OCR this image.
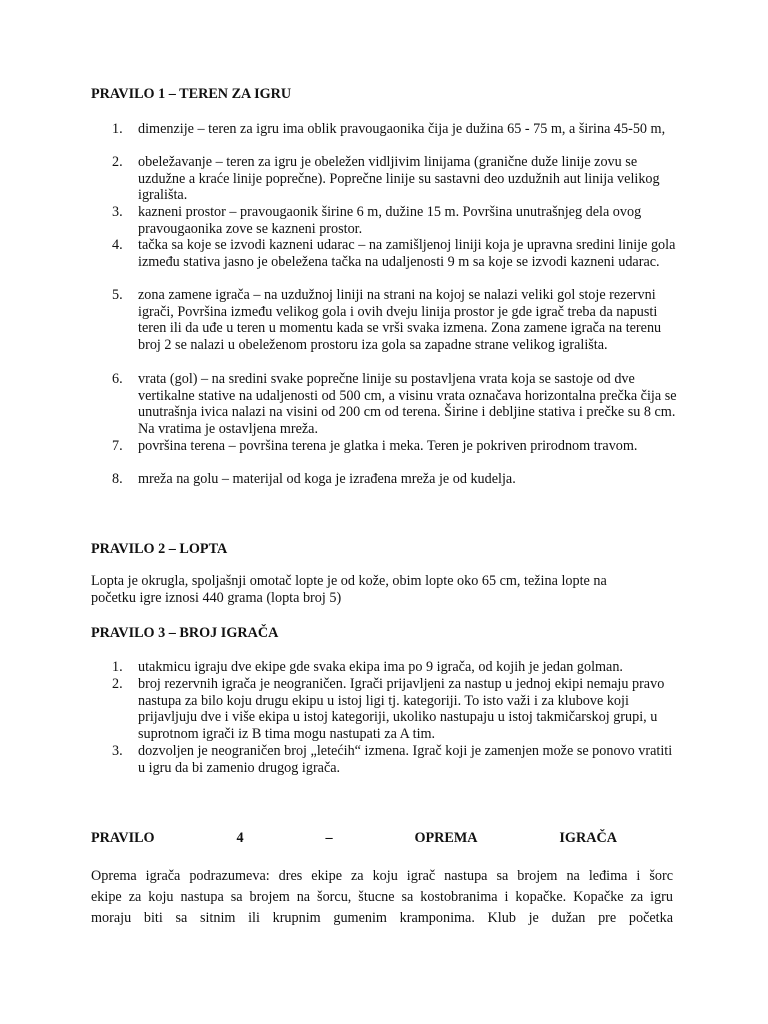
PRAVILO 1 – TEREN ZA IGRU
1. dimenzije – teren za igru ima oblik pravougaonika čija je dužina 65 - 75 m, a širina 45-50 m,
2. obeležavanje – teren za igru je obeležen vidljivim linijama (granične duže linije zovu se uzdužne a kraće linije poprečne). Poprečne linije su sastavni deo uzdužnih aut linija velikog igrališta.
3. kazneni prostor – pravougaonik širine 6 m, dužine 15 m. Površina unutrašnjeg dela ovog pravougaonika zove se kazneni prostor.
4. tačka sa koje se izvodi kazneni udarac – na zamišljenoj liniji koja je upravna sredini linije gola između stativa jasno je obeležena tačka na udaljenosti 9 m sa koje se izvodi kazneni udarac.
5. zona zamene igrača – na uzdužnoj liniji na strani na kojoj se nalazi veliki gol stoje rezervni igrači, Površina između velikog gola i ovih dveju linija prostor je gde igrač treba da napusti teren ili da uđe u teren u momentu kada se vrši svaka izmena. Zona zamene igrača na terenu broj 2 se nalazi u obeleženom prostoru iza gola sa zapadne strane velikog igrališta.
6. vrata (gol) – na sredini svake poprečne linije su postavljena vrata koja se sastoje od dve vertikalne stative na udaljenosti od 500 cm, a visinu vrata označava horizontalna prečka čija se unutrašnja ivica nalazi na visini od 200 cm od terena. Širine i debljine stativa i prečke su 8 cm. Na vratima je ostavljena mreža.
7. površina terena – površina terena je glatka i meka. Teren je pokriven prirodnom travom.
8. mreža na golu – materijal od koga je izrađena mreža je od kudelja.
PRAVILO 2 – LOPTA

Lopta je okrugla, spoljašnji omotač lopte je od kože, obim lopte oko 65 cm, težina lopte na početku igre iznosi 440 grama (lopta broj 5)

PRAVILO 3 – BROJ IGRAČA
1. utakmicu igraju dve ekipe gde svaka ekipa ima po 9 igrača, od kojih je jedan golman.
2. broj rezervnih igrača je neograničen. Igrači prijavljeni za nastup u jednoj ekipi nemaju pravo nastupa za bilo koju drugu ekipu u istoj ligi tj. kategoriji. To isto važi i za klubove koji prijavljuju dve i više ekipa u istoj kategoriji, ukoliko nastupaju u istoj takmičarskoj grupi, u suprotnom igrači iz B tima mogu nastupati za A tim.
3. dozvoljen je neograničen broj „letećih“ izmena. Igrač koji je zamenjen može se ponovo vratiti u igru da bi zamenio drugog igrača.
PRAVILO	4	–	OPREMA	IGRAČA
Oprema igrača podrazumeva: dres ekipe za koju igrač nastupa sa brojem na leđima i šorc
ekipe za koju nastupa sa brojem na šorcu, štucne sa kostobranima i kopačke. Kopačke za igru
moraju biti sa sitnim ili krupnim gumenim kramponima. Klub je dužan pre početka
